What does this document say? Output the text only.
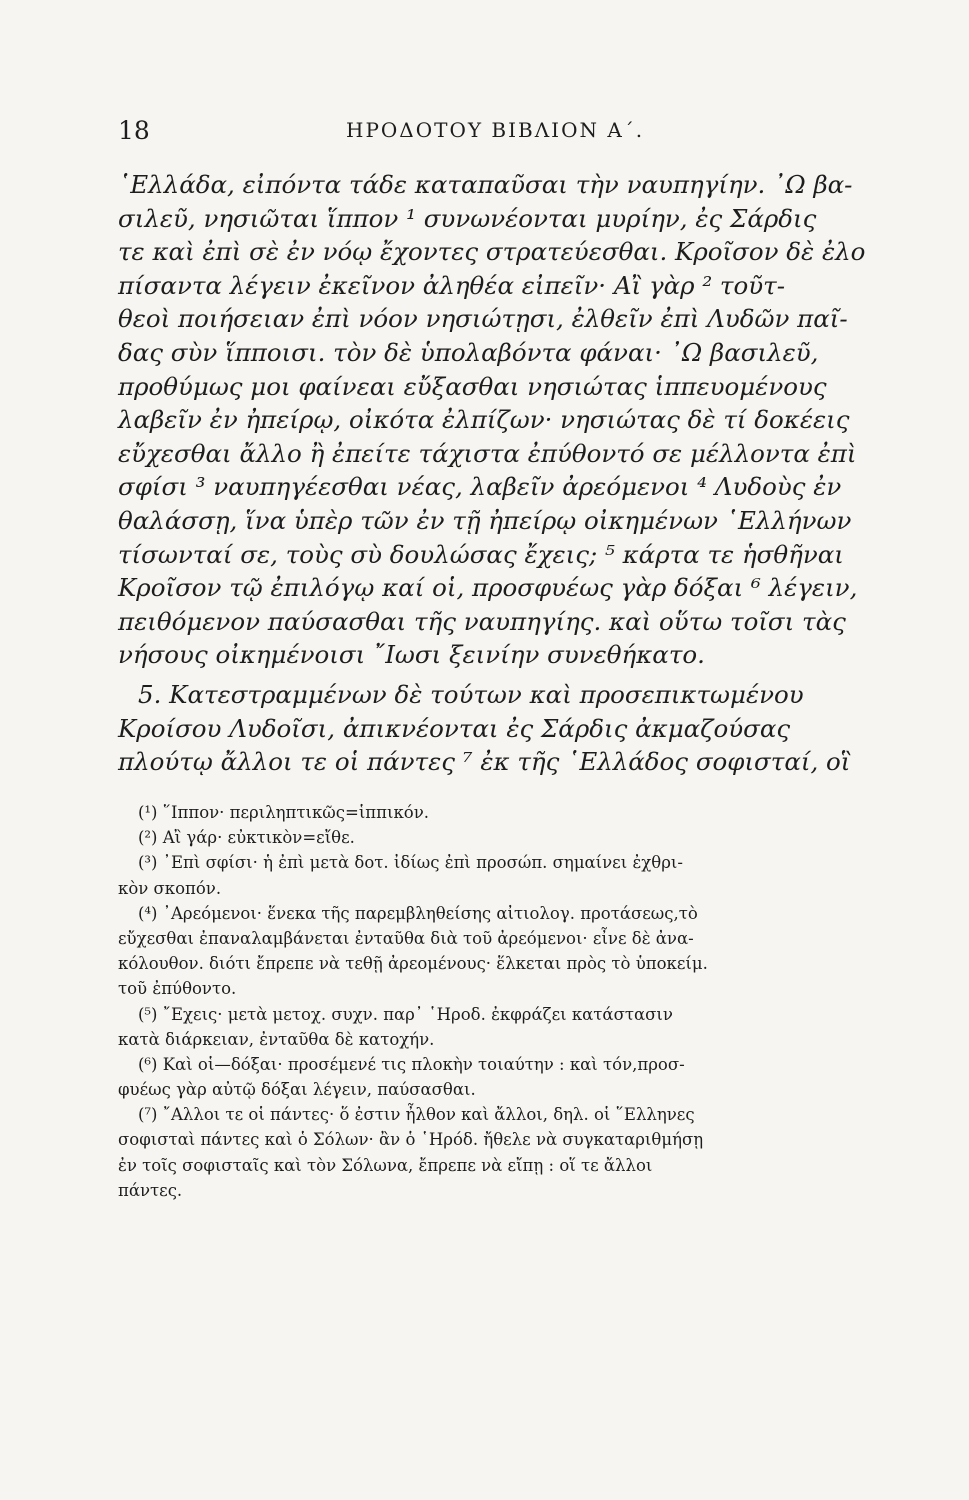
18	ΗΡΟΔΟΤΟΥ ΒΙΒΛΙΟΝ Α΄.
῾Ελλάδα, εἰπόντα τάδε καταπαῦσαι τὴν ναυπηγίην. ᾿Ω βα-
σιλεῦ, νησιῶται ἵππον ¹ συνωνέονται μυρίην, ἐς Σάρδις
τε καὶ ἐπὶ σὲ ἐν νόῳ ἔχοντες στρατεύεσθαι. Κροῖσον δὲ ἐλο
πίσαντα λέγειν ἐκεῖνον ἀληθέα εἰπεῖν· Αἲ γὰρ ² τοῦτ-
θεοὶ ποιήσειαν ἐπὶ νόον νησιώτῃσι, ἐλθεῖν ἐπὶ Λυδῶν παῖ-
δας σὺν ἵπποισι. τὸν δὲ ὑπολαβόντα φάναι· ᾿Ω βασιλεῦ,
προθύμως μοι φαίνεαι εὔξασθαι νησιώτας ἱππευομένους
λαβεῖν ἐν ἠπείρῳ, οἰκότα ἐλπίζων· νησιώτας δὲ τί δοκέεις
εὔχεσθαι ἄλλο ἢ ἐπείτε τάχιστα ἐπύθοντό σε μέλλοντα ἐπὶ
σφίσι ³ ναυπηγέεσθαι νέας, λαβεῖν ἀρεόμενοι ⁴ Λυδοὺς ἐν
θαλάσσῃ, ἵνα ὑπὲρ τῶν ἐν τῇ ἠπείρῳ οἰκημένων ῾Ελλήνων
τίσωνταί σε, τοὺς σὺ δουλώσας ἔχεις; ⁵ κάρτα τε ἡσθῆναι
Κροῖσον τῷ ἐπιλόγῳ καί οἱ, προσφυέως γὰρ δόξαι ⁶ λέγειν,
πειθόμενον παύσασθαι τῆς ναυπηγίης. καὶ οὕτω τοῖσι τὰς
νήσους οἰκημένοισι ῎Ιωσι ξεινίην συνεθήκατο.
5. Κατεστραμμένων δὲ τούτων καὶ προσεπικτωμένου
Κροίσου Λυδοῖσι, ἀπικνέονται ἐς Σάρδις ἀκμαζούσας
πλούτῳ ἄλλοι τε οἱ πάντες ⁷ ἐκ τῆς ῾Ελλάδος σοφισταί, οἳ
(¹) ῞Ιππον· περιληπτικῶς=ἱππικόν.
(²) Αἲ γάρ· εὐκτικὸν=εἴθε.
(³) ᾿Επὶ σφίσι· ἡ ἐπὶ μετὰ δοτ. ἰδίως ἐπὶ προσώπ. σημαίνει ἐχθρι-
κὸν σκοπόν.
(⁴) ᾿Αρεόμενοι· ἕνεκα τῆς παρεμβληθείσης αἰτιολογ. προτάσεως,τὸ
εὔχεσθαι ἐπαναλαμβάνεται ἐνταῦθα διὰ τοῦ ἀρεόμενοι· εἶνε δὲ ἀνα-
κόλουθον. διότι ἔπρεπε νὰ τεθῇ ἀρεομένους· ἕλκεται πρὸς τὸ ὑποκείμ.
τοῦ ἐπύθοντο.
(⁵) ῎Εχεις· μετὰ μετοχ. συχν. παρ᾿ ῾Ηροδ. ἐκφράζει κατάστασιν
κατὰ διάρκειαν, ἐνταῦθα δὲ κατοχήν.
(⁶) Καὶ οἱ—δόξαι· προσέμενέ τις πλοκὴν τοιαύτην : καὶ τόν,προσ-
φυέως γὰρ αὐτῷ δόξαι λέγειν, παύσασθαι.
(⁷) ῎Αλλοι τε οἱ πάντες· ὅ ἐστιν ἦλθον καὶ ἄλλοι, δηλ. οἱ ῞Ελληνες
σοφισταὶ πάντες καὶ ὁ Σόλων· ἂν ὁ ῾Ηρόδ. ἤθελε νὰ συγκαταριθμήσῃ
ἐν τοῖς σοφισταῖς καὶ τὸν Σόλωνα, ἔπρεπε νὰ εἴπῃ : οἵ τε ἄλλοι
πάντες.
